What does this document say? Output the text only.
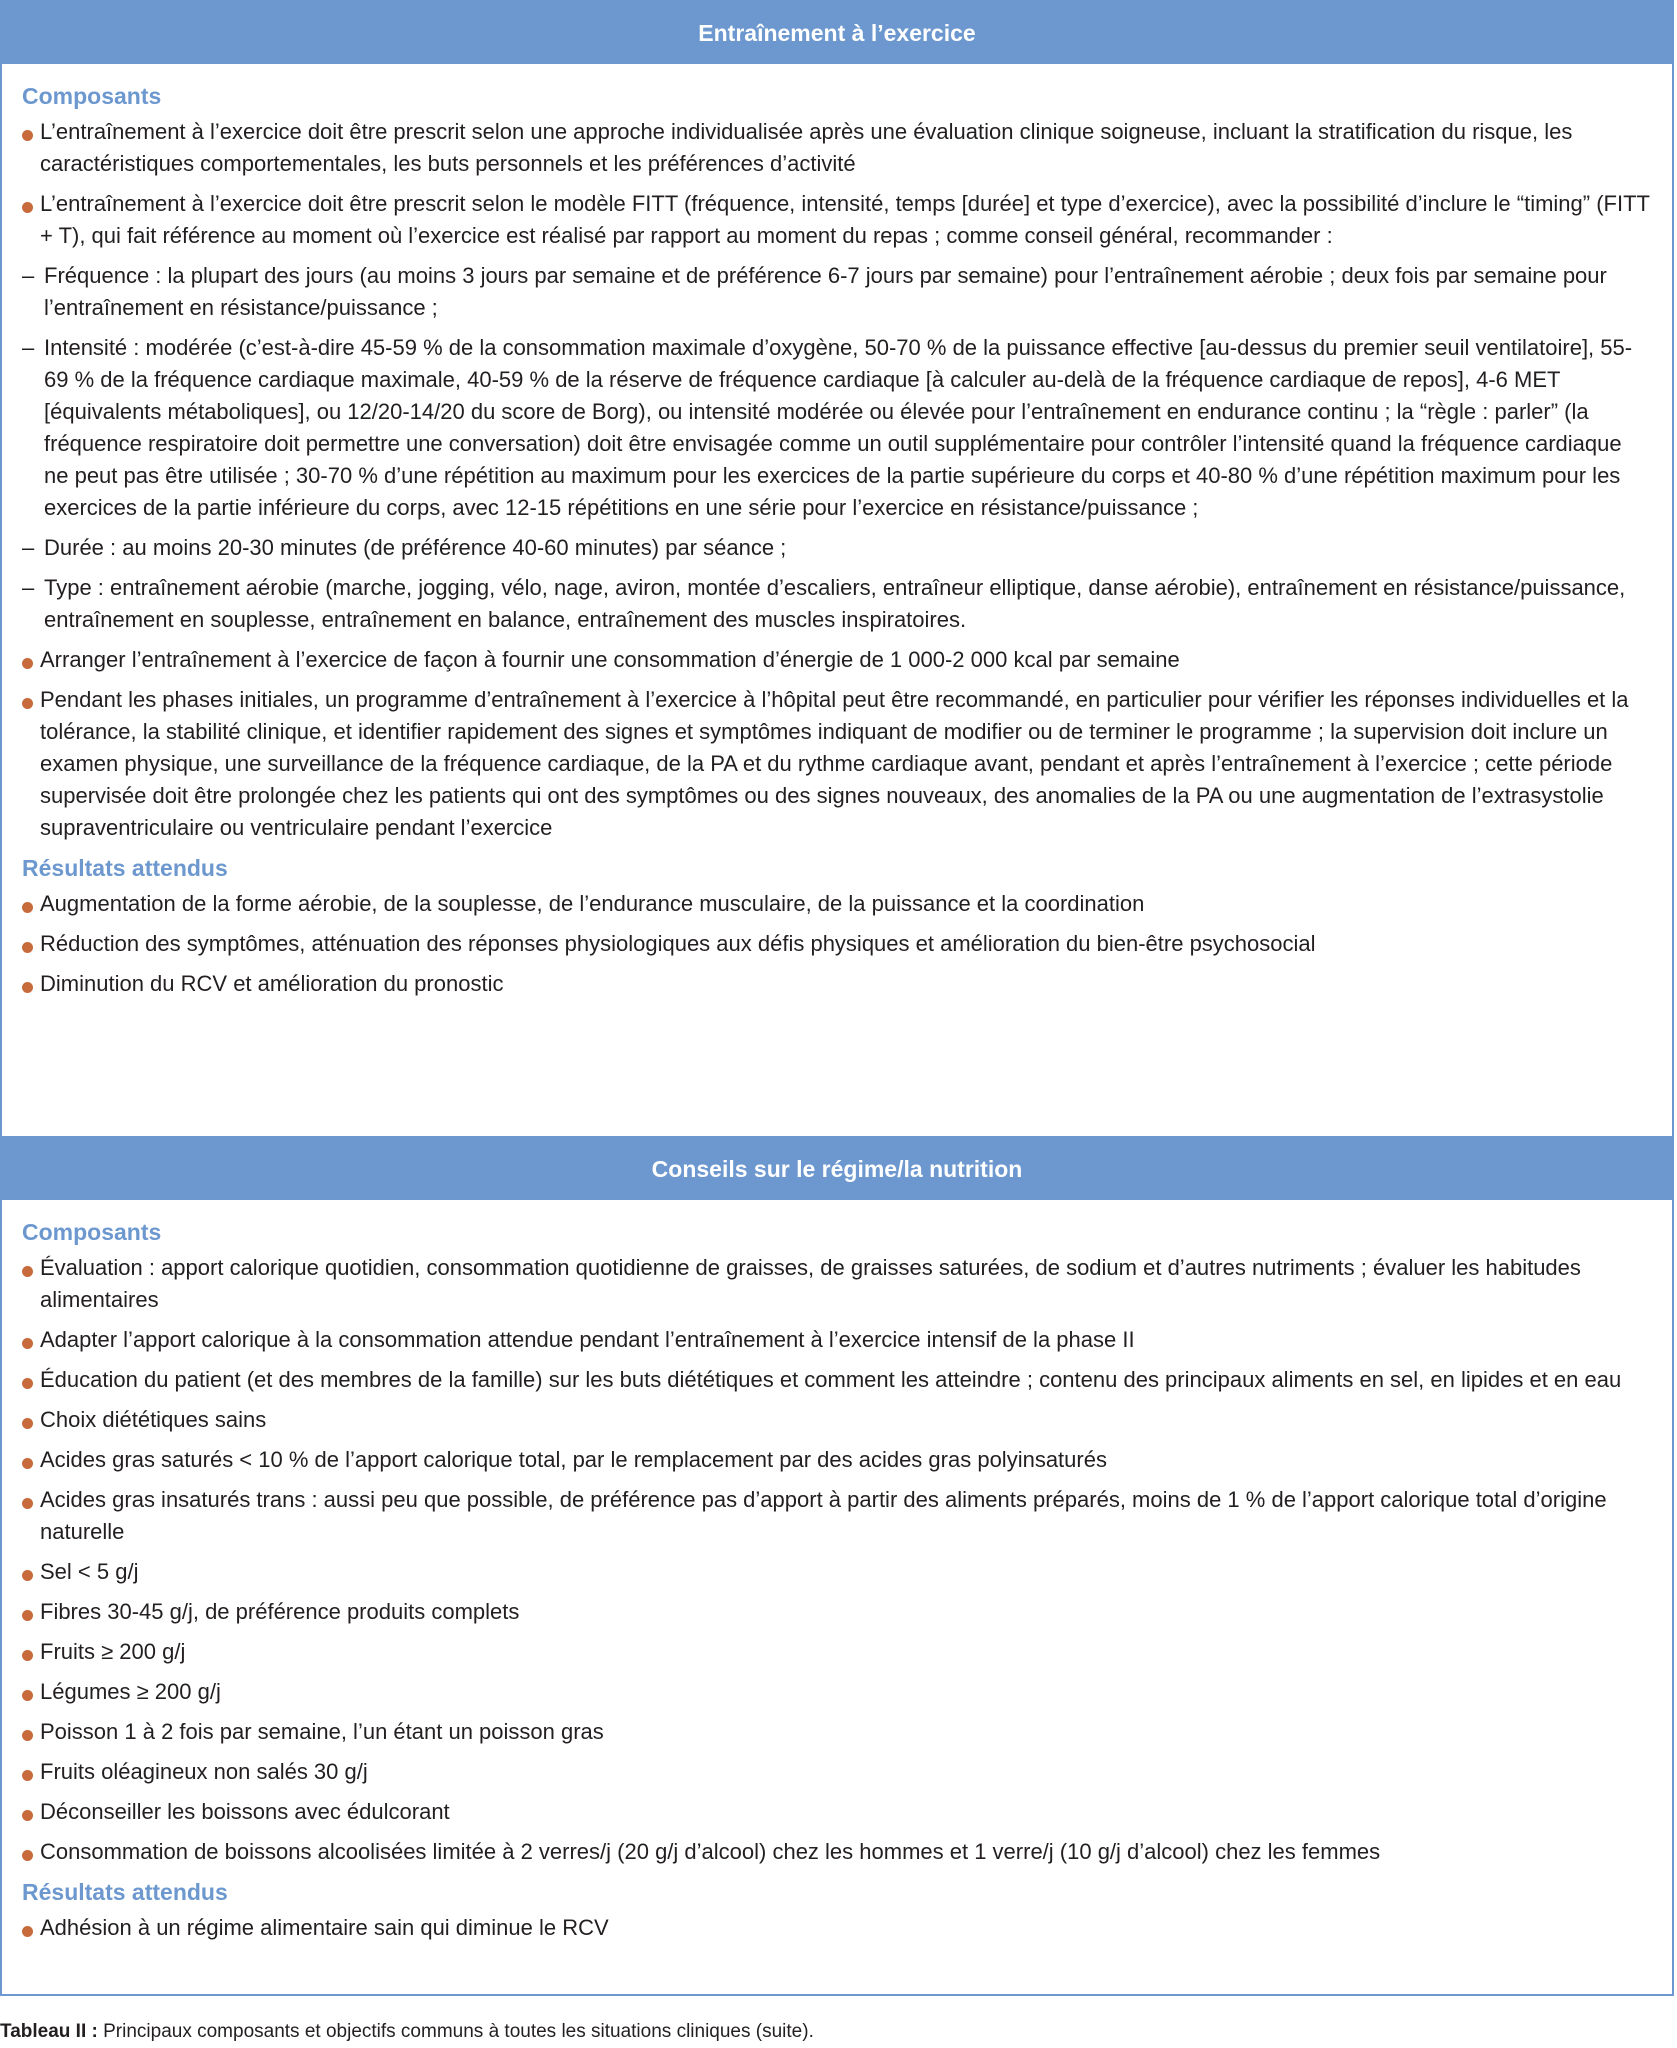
Entraînement à l’exercice
Composants
L’entraînement à l’exercice doit être prescrit selon une approche individualisée après une évaluation clinique soigneuse, incluant la stratification du risque, les caractéristiques comportementales, les buts personnels et les préférences d’activité
L’entraînement à l’exercice doit être prescrit selon le modèle FITT (fréquence, intensité, temps [durée] et type d’exercice), avec la possibilité d’inclure le “timing” (FITT + T), qui fait référence au moment où l’exercice est réalisé par rapport au moment du repas ; comme conseil général, recommander :
– Fréquence : la plupart des jours (au moins 3 jours par semaine et de préférence 6-7 jours par semaine) pour l’entraînement aérobie ; deux fois par semaine pour l’entraînement en résistance/puissance ;
– Intensité : modérée (c’est-à-dire 45-59 % de la consommation maximale d’oxygène, 50-70 % de la puissance effective [au-dessus du premier seuil ventilatoire], 55-69 % de la fréquence cardiaque maximale, 40-59 % de la réserve de fréquence cardiaque [à calculer au-delà de la fréquence cardiaque de repos], 4-6 MET [équivalents métaboliques], ou 12/20-14/20 du score de Borg), ou intensité modérée ou élevée pour l’entraînement en endurance continu ; la “règle : parler” (la fréquence respiratoire doit permettre une conversation) doit être envisagée comme un outil supplémentaire pour contrôler l’intensité quand la fréquence cardiaque ne peut pas être utilisée ; 30-70 % d’une répétition au maximum pour les exercices de la partie supérieure du corps et 40-80 % d’une répétition maximum pour les exercices de la partie inférieure du corps, avec 12-15 répétitions en une série pour l’exercice en résistance/puissance ;
– Durée : au moins 20-30 minutes (de préférence 40-60 minutes) par séance ;
– Type : entraînement aérobie (marche, jogging, vélo, nage, aviron, montée d’escaliers, entraîneur elliptique, danse aérobie), entraînement en résistance/puissance, entraînement en souplesse, entraînement en balance, entraînement des muscles inspiratoires.
Arranger l’entraînement à l’exercice de façon à fournir une consommation d’énergie de 1 000-2 000 kcal par semaine
Pendant les phases initiales, un programme d’entraînement à l’exercice à l’hôpital peut être recommandé, en particulier pour vérifier les réponses individuelles et la tolérance, la stabilité clinique, et identifier rapidement des signes et symptômes indiquant de modifier ou de terminer le programme ; la supervision doit inclure un examen physique, une surveillance de la fréquence cardiaque, de la PA et du rythme cardiaque avant, pendant et après l’entraînement à l’exercice ; cette période supervisée doit être prolongée chez les patients qui ont des symptômes ou des signes nouveaux, des anomalies de la PA ou une augmentation de l’extrasystolie supraventriculaire ou ventriculaire pendant l’exercice
Résultats attendus
Augmentation de la forme aérobie, de la souplesse, de l’endurance musculaire, de la puissance et la coordination
Réduction des symptômes, atténuation des réponses physiologiques aux défis physiques et amélioration du bien-être psychosocial
Diminution du RCV et amélioration du pronostic
Conseils sur le régime/la nutrition
Composants
Évaluation : apport calorique quotidien, consommation quotidienne de graisses, de graisses saturées, de sodium et d’autres nutriments ; évaluer les habitudes alimentaires
Adapter l’apport calorique à la consommation attendue pendant l’entraînement à l’exercice intensif de la phase II
Éducation du patient (et des membres de la famille) sur les buts diététiques et comment les atteindre ; contenu des principaux aliments en sel, en lipides et en eau
Choix diététiques sains
Acides gras saturés < 10 % de l’apport calorique total, par le remplacement par des acides gras polyinsaturés
Acides gras insaturés trans : aussi peu que possible, de préférence pas d’apport à partir des aliments préparés, moins de 1 % de l’apport calorique total d’origine naturelle
Sel < 5 g/j
Fibres 30-45 g/j, de préférence produits complets
Fruits ≥ 200 g/j
Légumes ≥ 200 g/j
Poisson 1 à 2 fois par semaine, l’un étant un poisson gras
Fruits oléagineux non salés 30 g/j
Déconseiller les boissons avec édulcorant
Consommation de boissons alcoolisées limitée à 2 verres/j (20 g/j d’alcool) chez les hommes et 1 verre/j (10 g/j d’alcool) chez les femmes
Résultats attendus
Adhésion à un régime alimentaire sain qui diminue le RCV
Tableau II : Principaux composants et objectifs communs à toutes les situations cliniques (suite).
